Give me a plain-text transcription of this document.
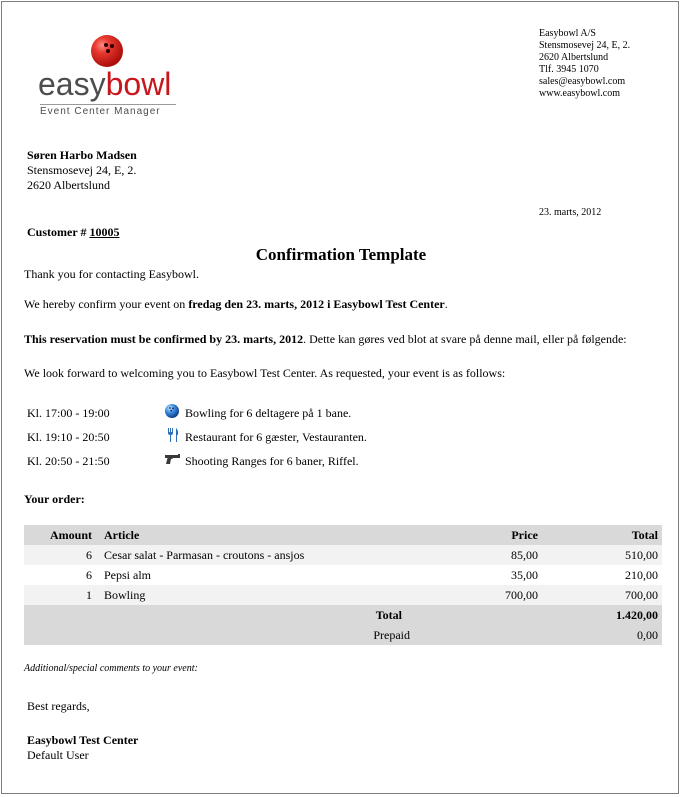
easybowl
Event Center Manager
Easybowl A/S
Stensmosevej 24, E, 2.
2620 Albertslund
Tlf. 3945 1070
sales@easybowl.com
www.easybowl.com
Søren Harbo Madsen
Stensmosevej 24, E, 2.
2620 Albertslund
23. marts, 2012
Customer # 10005
Confirmation Template
Thank you for contacting Easybowl.
We hereby confirm your event on fredag den 23. marts, 2012 i Easybowl Test Center.
This reservation must be confirmed by 23. marts, 2012. Dette kan gøres ved blot at svare på denne mail, eller på følgende:
We look forward to welcoming you to Easybowl Test Center. As requested, your event is as follows:
Kl. 17:00 - 19:00	Bowling for 6 deltagere på 1 bane.
Kl. 19:10 - 20:50	Restaurant for 6 gæster, Vestauranten.
Kl. 20:50 - 21:50	Shooting Ranges for 6 baner, Riffel.
Your order:
Amount	Article	Price	Total
6	Cesar salat - Parmasan - croutons - ansjos	85,00	510,00
6	Pepsi alm	35,00	210,00
1	Bowling	700,00	700,00
	Total		1.420,00
	Prepaid		0,00
Additional/special comments to your event:
Best regards,
Easybowl Test Center
Default User
